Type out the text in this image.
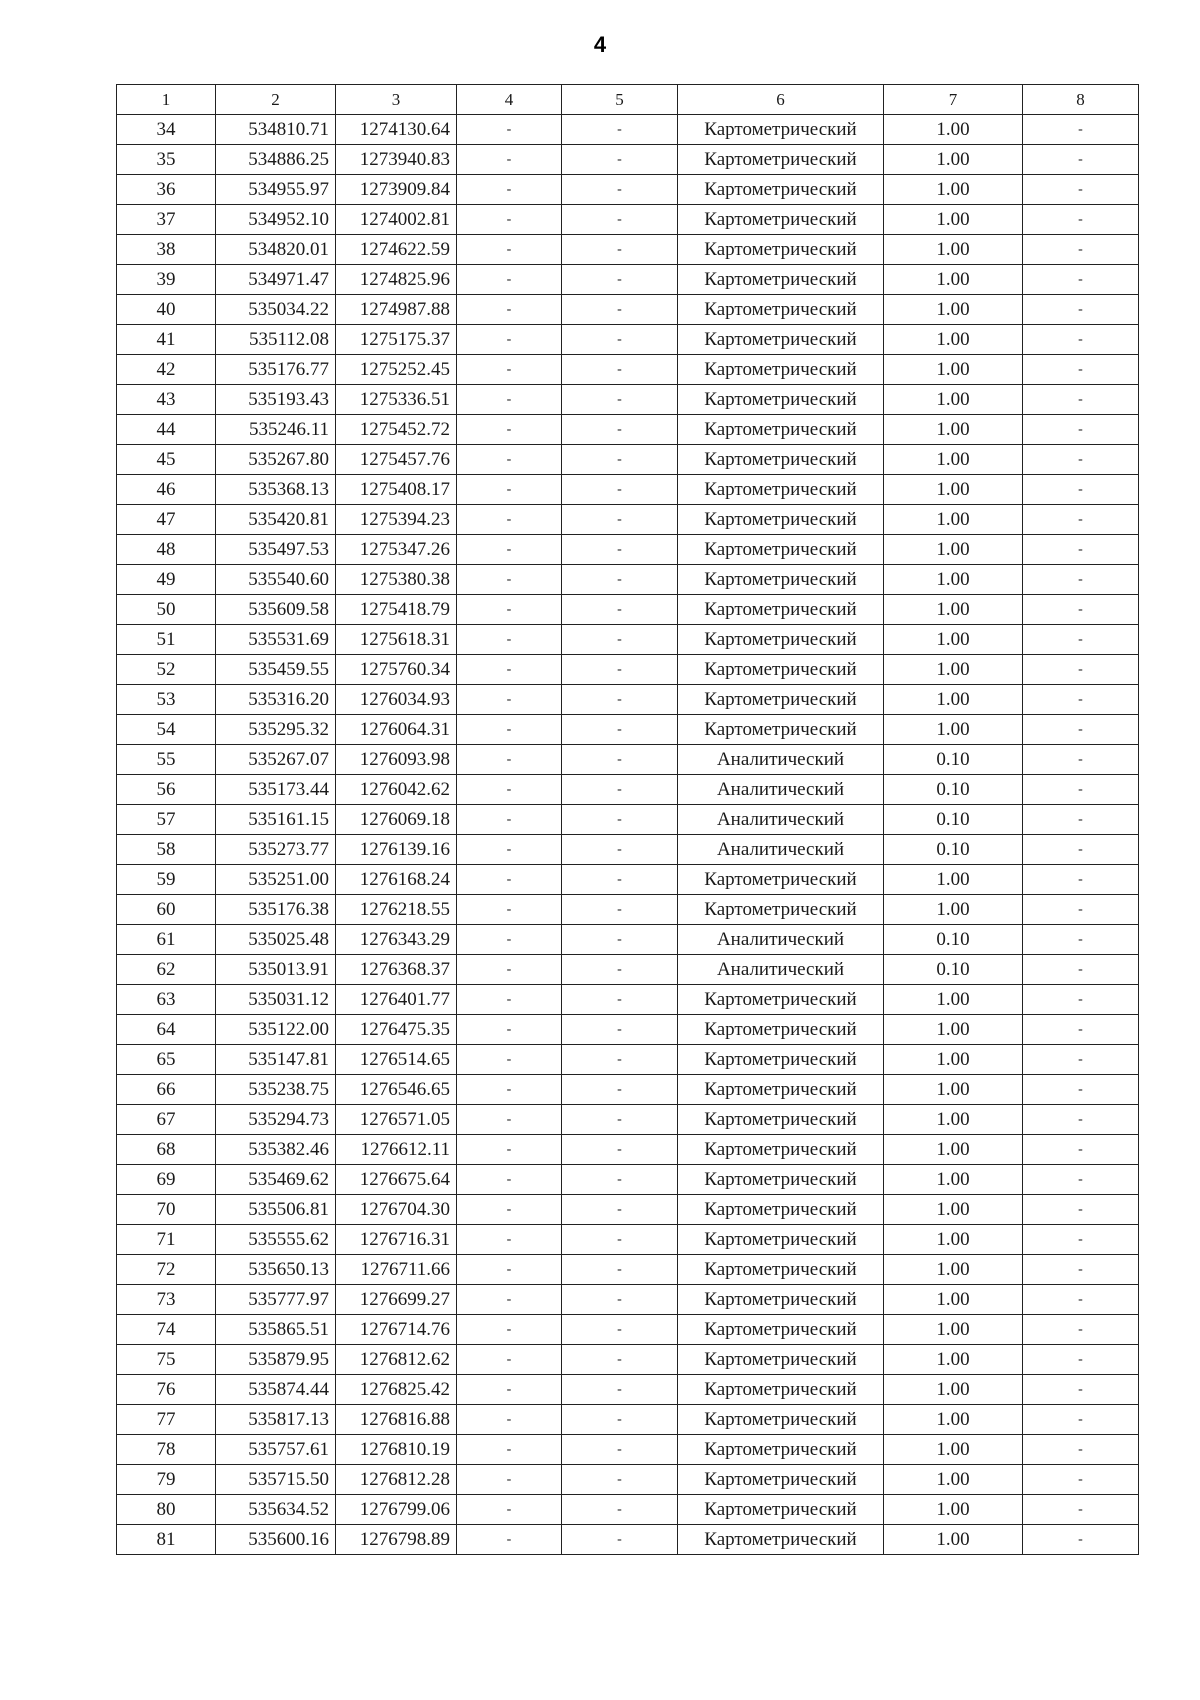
4
1	2	3	4	5	6	7	8
34	534810.71	1274130.64	-	-	Картометрический	1.00	-
35	534886.25	1273940.83	-	-	Картометрический	1.00	-
36	534955.97	1273909.84	-	-	Картометрический	1.00	-
37	534952.10	1274002.81	-	-	Картометрический	1.00	-
38	534820.01	1274622.59	-	-	Картометрический	1.00	-
39	534971.47	1274825.96	-	-	Картометрический	1.00	-
40	535034.22	1274987.88	-	-	Картометрический	1.00	-
41	535112.08	1275175.37	-	-	Картометрический	1.00	-
42	535176.77	1275252.45	-	-	Картометрический	1.00	-
43	535193.43	1275336.51	-	-	Картометрический	1.00	-
44	535246.11	1275452.72	-	-	Картометрический	1.00	-
45	535267.80	1275457.76	-	-	Картометрический	1.00	-
46	535368.13	1275408.17	-	-	Картометрический	1.00	-
47	535420.81	1275394.23	-	-	Картометрический	1.00	-
48	535497.53	1275347.26	-	-	Картометрический	1.00	-
49	535540.60	1275380.38	-	-	Картометрический	1.00	-
50	535609.58	1275418.79	-	-	Картометрический	1.00	-
51	535531.69	1275618.31	-	-	Картометрический	1.00	-
52	535459.55	1275760.34	-	-	Картометрический	1.00	-
53	535316.20	1276034.93	-	-	Картометрический	1.00	-
54	535295.32	1276064.31	-	-	Картометрический	1.00	-
55	535267.07	1276093.98	-	-	Аналитический	0.10	-
56	535173.44	1276042.62	-	-	Аналитический	0.10	-
57	535161.15	1276069.18	-	-	Аналитический	0.10	-
58	535273.77	1276139.16	-	-	Аналитический	0.10	-
59	535251.00	1276168.24	-	-	Картометрический	1.00	-
60	535176.38	1276218.55	-	-	Картометрический	1.00	-
61	535025.48	1276343.29	-	-	Аналитический	0.10	-
62	535013.91	1276368.37	-	-	Аналитический	0.10	-
63	535031.12	1276401.77	-	-	Картометрический	1.00	-
64	535122.00	1276475.35	-	-	Картометрический	1.00	-
65	535147.81	1276514.65	-	-	Картометрический	1.00	-
66	535238.75	1276546.65	-	-	Картометрический	1.00	-
67	535294.73	1276571.05	-	-	Картометрический	1.00	-
68	535382.46	1276612.11	-	-	Картометрический	1.00	-
69	535469.62	1276675.64	-	-	Картометрический	1.00	-
70	535506.81	1276704.30	-	-	Картометрический	1.00	-
71	535555.62	1276716.31	-	-	Картометрический	1.00	-
72	535650.13	1276711.66	-	-	Картометрический	1.00	-
73	535777.97	1276699.27	-	-	Картометрический	1.00	-
74	535865.51	1276714.76	-	-	Картометрический	1.00	-
75	535879.95	1276812.62	-	-	Картометрический	1.00	-
76	535874.44	1276825.42	-	-	Картометрический	1.00	-
77	535817.13	1276816.88	-	-	Картометрический	1.00	-
78	535757.61	1276810.19	-	-	Картометрический	1.00	-
79	535715.50	1276812.28	-	-	Картометрический	1.00	-
80	535634.52	1276799.06	-	-	Картометрический	1.00	-
81	535600.16	1276798.89	-	-	Картометрический	1.00	-
